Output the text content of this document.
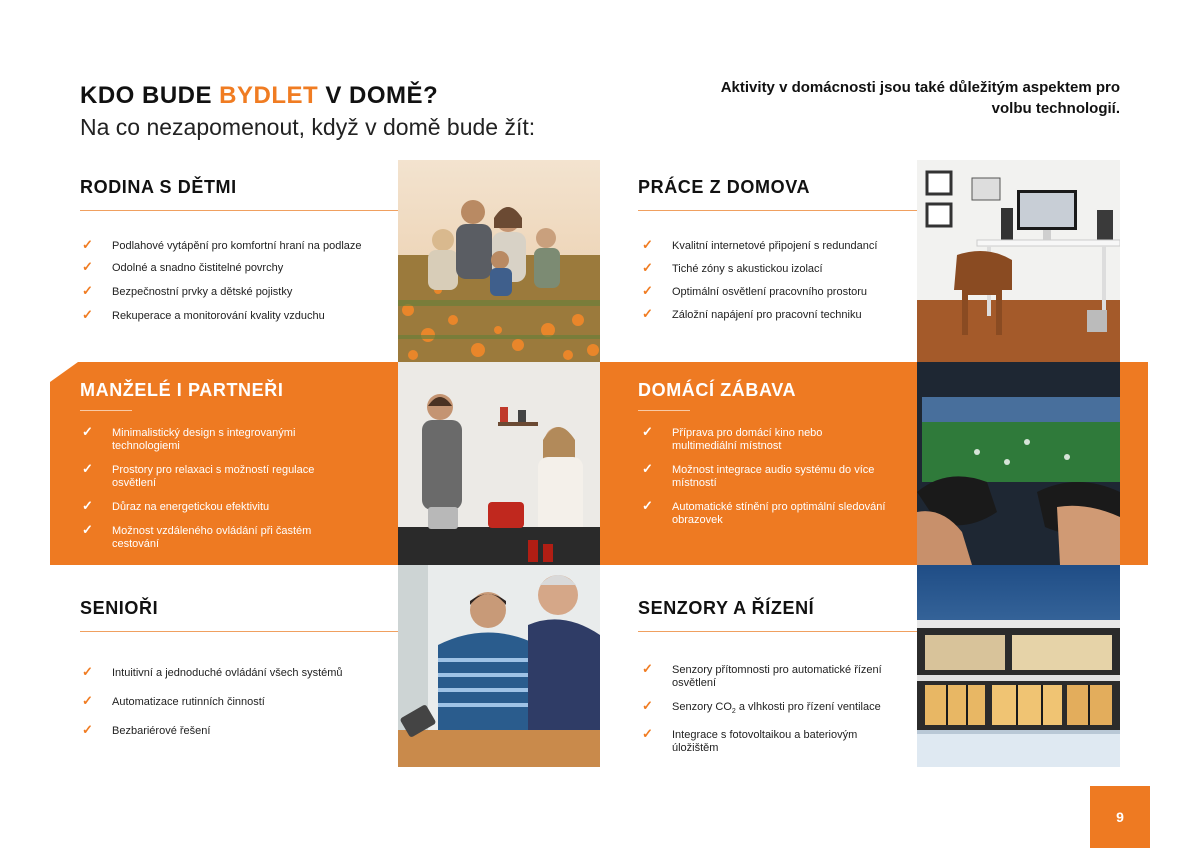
KDO BUDE BYDLET V DOMĚ?
Na co nezapomenout, když v domě bude žít:
Aktivity v domácnosti jsou také důležitým aspektem pro volbu technologií.
RODINA S DĚTMI
✓ Podlahové vytápění pro komfortní hraní na podlaze
✓ Odolné a snadno čistitelné povrchy
✓ Bezpečnostní prvky a dětské pojistky
✓ Rekuperace a monitorování kvality vzduchu
PRÁCE Z DOMOVA
✓ Kvalitní internetové připojení s redundancí
✓ Tiché zóny s akustickou izolací
✓ Optimální osvětlení pracovního prostoru
✓ Záložní napájení pro pracovní techniku
MANŽELÉ I PARTNEŘI
✓ Minimalistický design s integrovanými technologiemi
✓ Prostory pro relaxaci s možností regulace osvětlení
✓ Důraz na energetickou efektivitu
✓ Možnost vzdáleného ovládání při častém cestování
DOMÁCÍ ZÁBAVA
✓ Příprava pro domácí kino nebo multimediální místnost
✓ Možnost integrace audio systému do více místností
✓ Automatické stínění pro optimální sledování obrazovek
SENIOŘI
✓ Intuitivní a jednoduché ovládání všech systémů
✓ Automatizace rutinních činností
✓ Bezbariérové řešení
SENZORY A ŘÍZENÍ
✓ Senzory přítomnosti pro automatické řízení osvětlení
✓ Senzory $CO_2$ a vlhkosti pro řízení ventilace
✓ Integrace s fotovoltaikou a bateriovým úložištěm
9
